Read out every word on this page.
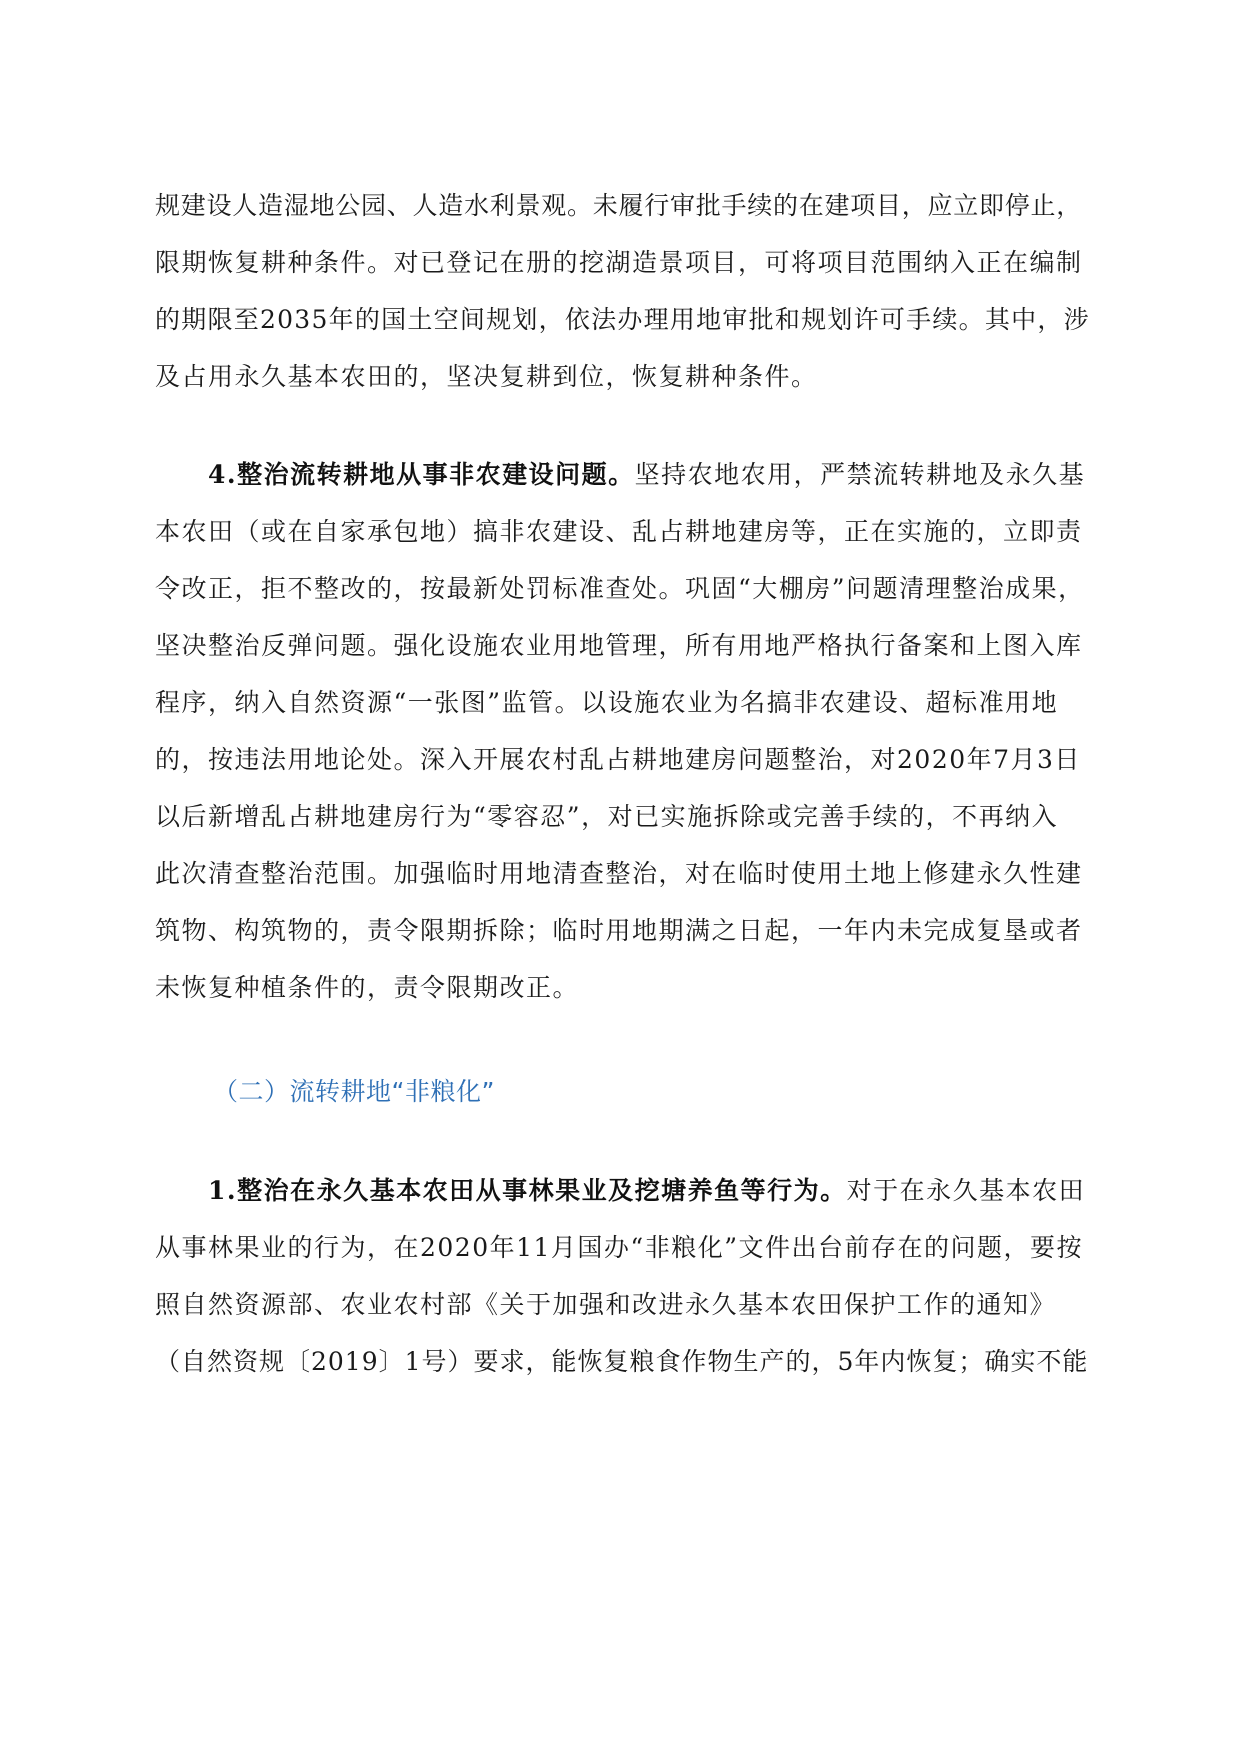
规建设人造湿地公园、人造水利景观。未履行审批手续的在建项目，应立即停止，
限期恢复耕种条件。对已登记在册的挖湖造景项目，可将项目范围纳入正在编制
的期限至2035年的国土空间规划，依法办理用地审批和规划许可手续。其中，涉
及占用永久基本农田的，坚决复耕到位，恢复耕种条件。
4.整治流转耕地从事非农建设问题。坚持农地农用，严禁流转耕地及永久基
本农田（或在自家承包地）搞非农建设、乱占耕地建房等，正在实施的，立即责
令改正，拒不整改的，按最新处罚标准查处。巩固“大棚房”问题清理整治成果，
坚决整治反弹问题。强化设施农业用地管理，所有用地严格执行备案和上图入库
程序，纳入自然资源“一张图”监管。以设施农业为名搞非农建设、超标准用地
的，按违法用地论处。深入开展农村乱占耕地建房问题整治，对2020年7月3日
以后新增乱占耕地建房行为“零容忍”，对已实施拆除或完善手续的，不再纳入
此次清查整治范围。加强临时用地清查整治，对在临时使用土地上修建永久性建
筑物、构筑物的，责令限期拆除；临时用地期满之日起，一年内未完成复垦或者
未恢复种植条件的，责令限期改正。
（二）流转耕地“非粮化”
1.整治在永久基本农田从事林果业及挖塘养鱼等行为。对于在永久基本农田
从事林果业的行为，在2020年11月国办“非粮化”文件出台前存在的问题，要按
照自然资源部、农业农村部《关于加强和改进永久基本农田保护工作的通知》
（自然资规〔2019〕1号）要求，能恢复粮食作物生产的，5年内恢复；确实不能
